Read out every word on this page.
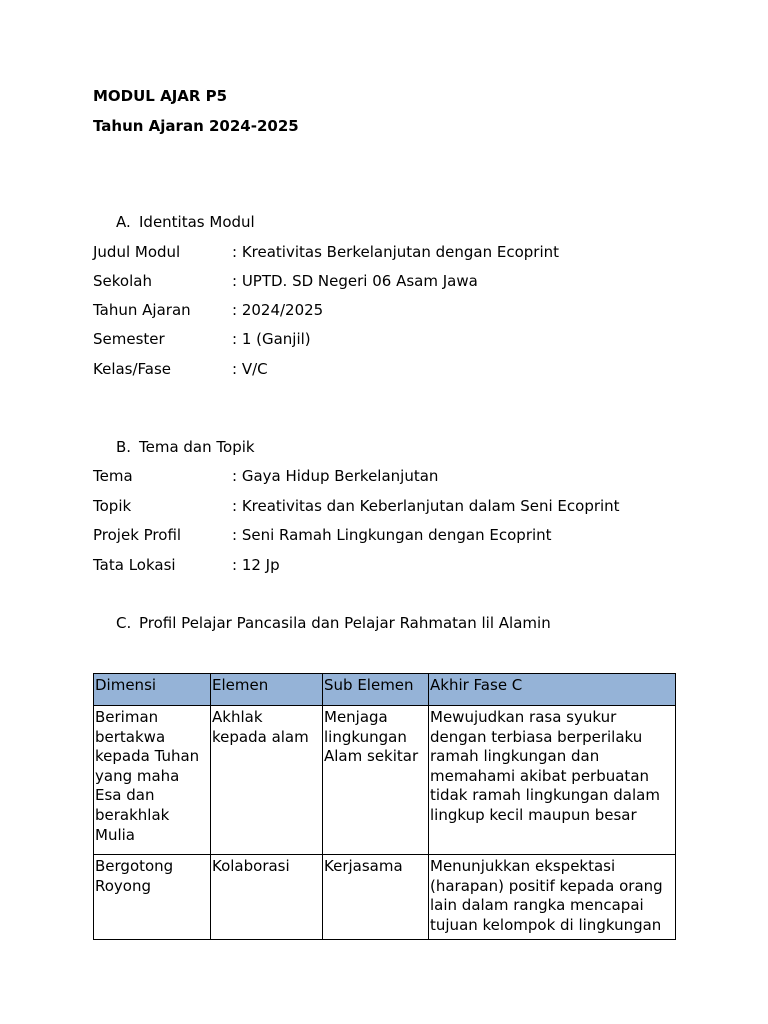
MODUL AJAR P5
Tahun Ajaran 2024-2025
A. Identitas Modul
Judul Modul	: Kreativitas Berkelanjutan dengan Ecoprint
Sekolah	: UPTD. SD Negeri 06 Asam Jawa
Tahun Ajaran	: 2024/2025
Semester	: 1 (Ganjil)
Kelas/Fase	: V/C
B. Tema dan Topik
Tema	: Gaya Hidup Berkelanjutan
Topik	: Kreativitas dan Keberlanjutan dalam Seni Ecoprint
Projek Profil	: Seni Ramah Lingkungan dengan Ecoprint
Tata Lokasi	: 12 Jp
C. Profil Pelajar Pancasila dan Pelajar Rahmatan lil Alamin
Dimensi	Elemen	Sub Elemen	Akhir Fase C
Beriman bertakwa kepada Tuhan yang maha Esa dan berakhlak Mulia	Akhlak kepada alam	Menjaga lingkungan Alam sekitar	Mewujudkan rasa syukur dengan terbiasa berperilaku ramah lingkungan dan memahami akibat perbuatan tidak ramah lingkungan dalam lingkup kecil maupun besar
Bergotong Royong	Kolaborasi	Kerjasama	Menunjukkan ekspektasi (harapan) positif kepada orang lain dalam rangka mencapai tujuan kelompok di lingkungan
